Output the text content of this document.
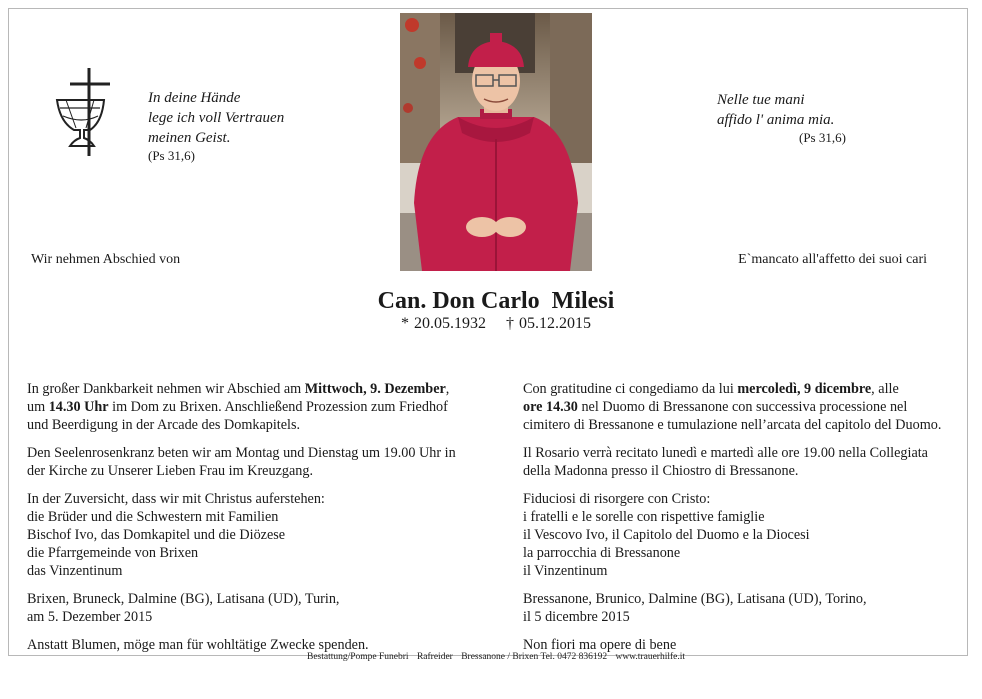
In deine Hände
lege ich voll Vertrauen
meinen Geist.
(Ps 31,6)
Nelle tue mani
affido l' anima mia.
(Ps 31,6)
Wir nehmen Abschied von	E`mancato all'affetto dei suoi cari
Can. Don Carlo  Milesi
* 20.05.1932    † 05.12.2015

In großer Dankbarkeit nehmen wir Abschied am Mittwoch, 9. Dezember,
um 14.30 Uhr im Dom zu Brixen. Anschließend Prozession zum Friedhof
und Beerdigung in der Arcade des Domkapitels.

Den Seelenrosenkranz beten wir am Montag und Dienstag um 19.00 Uhr in
der Kirche zu Unserer Lieben Frau im Kreuzgang.

In der Zuversicht, dass wir mit Christus auferstehen:
die Brüder und die Schwestern mit Familien
Bischof Ivo, das Domkapitel und die Diözese
die Pfarrgemeinde von Brixen
das Vinzentinum

Brixen, Bruneck, Dalmine (BG), Latisana (UD), Turin,
am 5. Dezember 2015

Anstatt Blumen, möge man für wohltätige Zwecke spenden.

Con gratitudine ci congediamo da lui mercoledì, 9 dicembre, alle
ore 14.30 nel Duomo di Bressanone con successiva processione nel
cimitero di Bressanone e tumulazione nell’arcata del capitolo del Duomo.

Il Rosario verrà recitato lunedì e martedì alle ore 19.00 nella Collegiata
della Madonna presso il Chiostro di Bressanone.

Fiduciosi di risorgere con Cristo:
i fratelli e le sorelle con rispettive famiglie
il Vescovo Ivo, il Capitolo del Duomo e la Diocesi
la parrocchia di Bressanone
il Vinzentinum

Bressanone, Brunico, Dalmine (BG), Latisana (UD), Torino,
il 5 dicembre 2015

Non fiori ma opere di bene

Bestattung/Pompe Funebri Rafreider Bressanone / Brixen Tel. 0472 836192 www.trauerhilfe.it
